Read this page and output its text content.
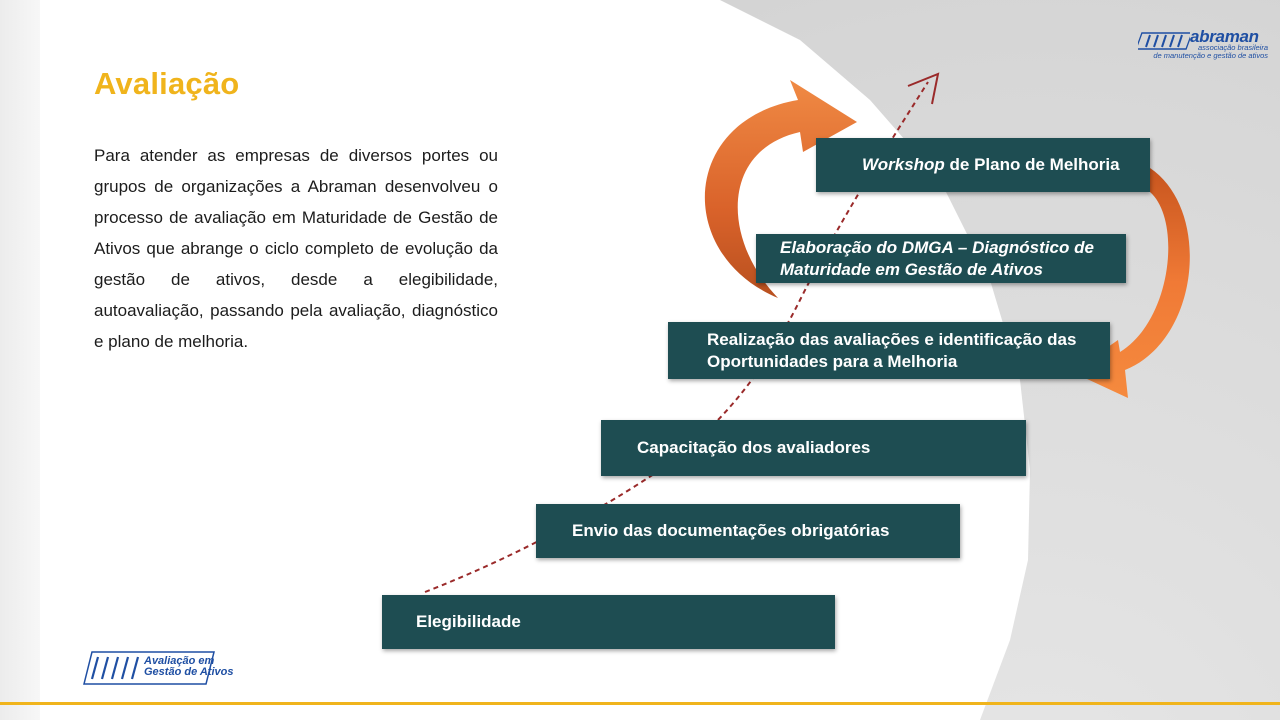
Avaliação

Para atender as empresas de diversos portes ou grupos de organizações a Abraman desenvolveu o processo de avaliação em Maturidade de Gestão de Ativos que abrange o ciclo completo de evolução da gestão de ativos, desde a elegibilidade, autoavaliação, passando pela avaliação, diagnóstico e plano de melhoria.

Elegibilidade
Envio das documentações obrigatórias
Capacitação dos avaliadores
Realização das avaliações e identificação das
Oportunidades para a Melhoria
Elaboração do DMGA – Diagnóstico de
Maturidade em Gestão de Ativos
Workshop de Plano de Melhoria
abraman
associação brasileira
de manutenção e gestão de ativos
Avaliação em
Gestão de Ativos
